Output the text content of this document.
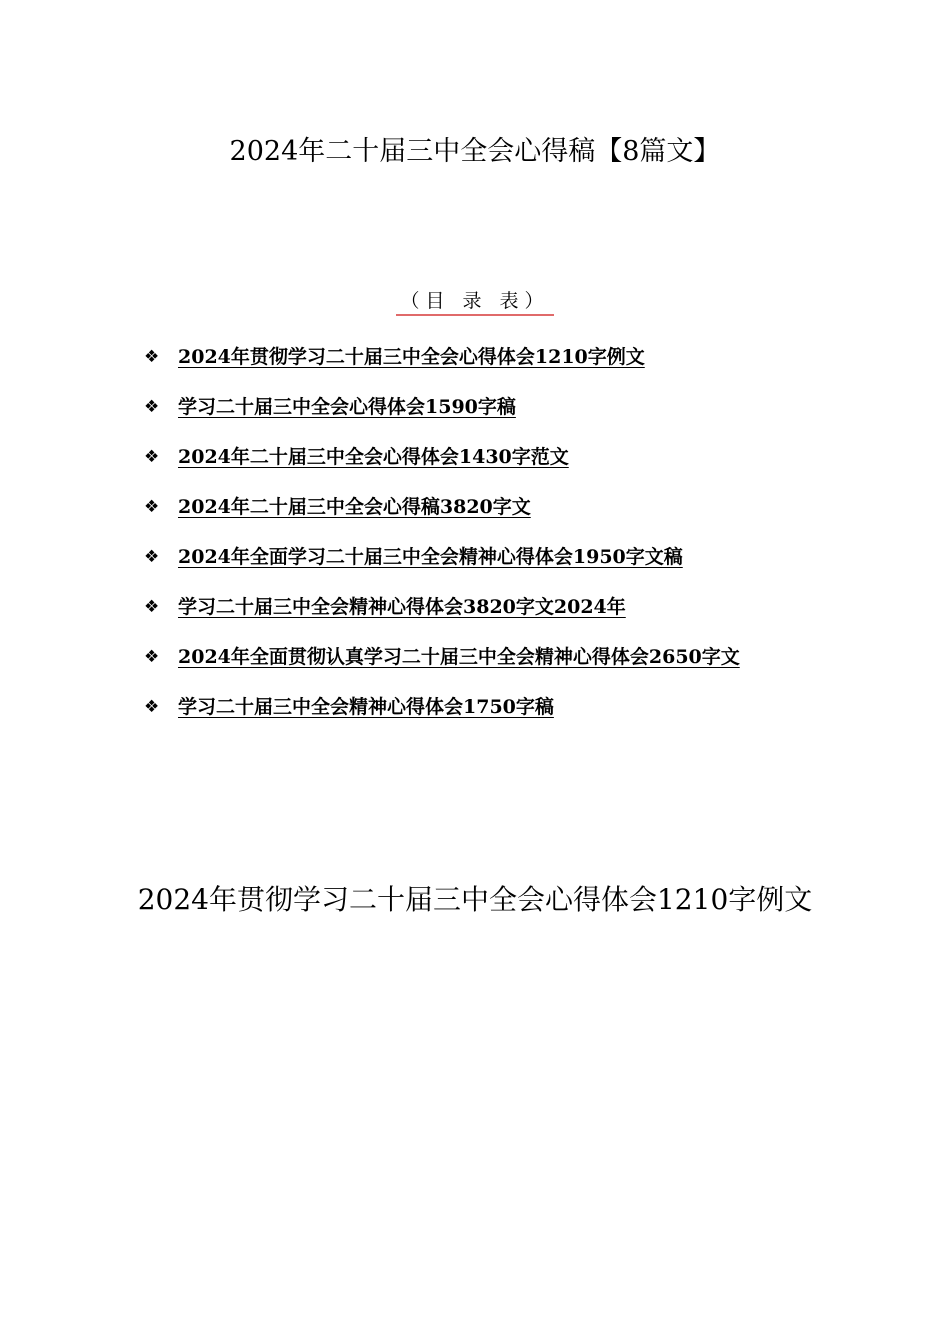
2024年二十届三中全会心得稿【8篇文】
（目 录 表）
❖ 2024年贯彻学习二十届三中全会心得体会1210字例文
❖ 学习二十届三中全会心得体会1590字稿
❖ 2024年二十届三中全会心得体会1430字范文
❖ 2024年二十届三中全会心得稿3820字文
❖ 2024年全面学习二十届三中全会精神心得体会1950字文稿
❖ 学习二十届三中全会精神心得体会3820字文2024年
❖ 2024年全面贯彻认真学习二十届三中全会精神心得体会2650字文
❖ 学习二十届三中全会精神心得体会1750字稿
2024年贯彻学习二十届三中全会心得体会1210字例文
